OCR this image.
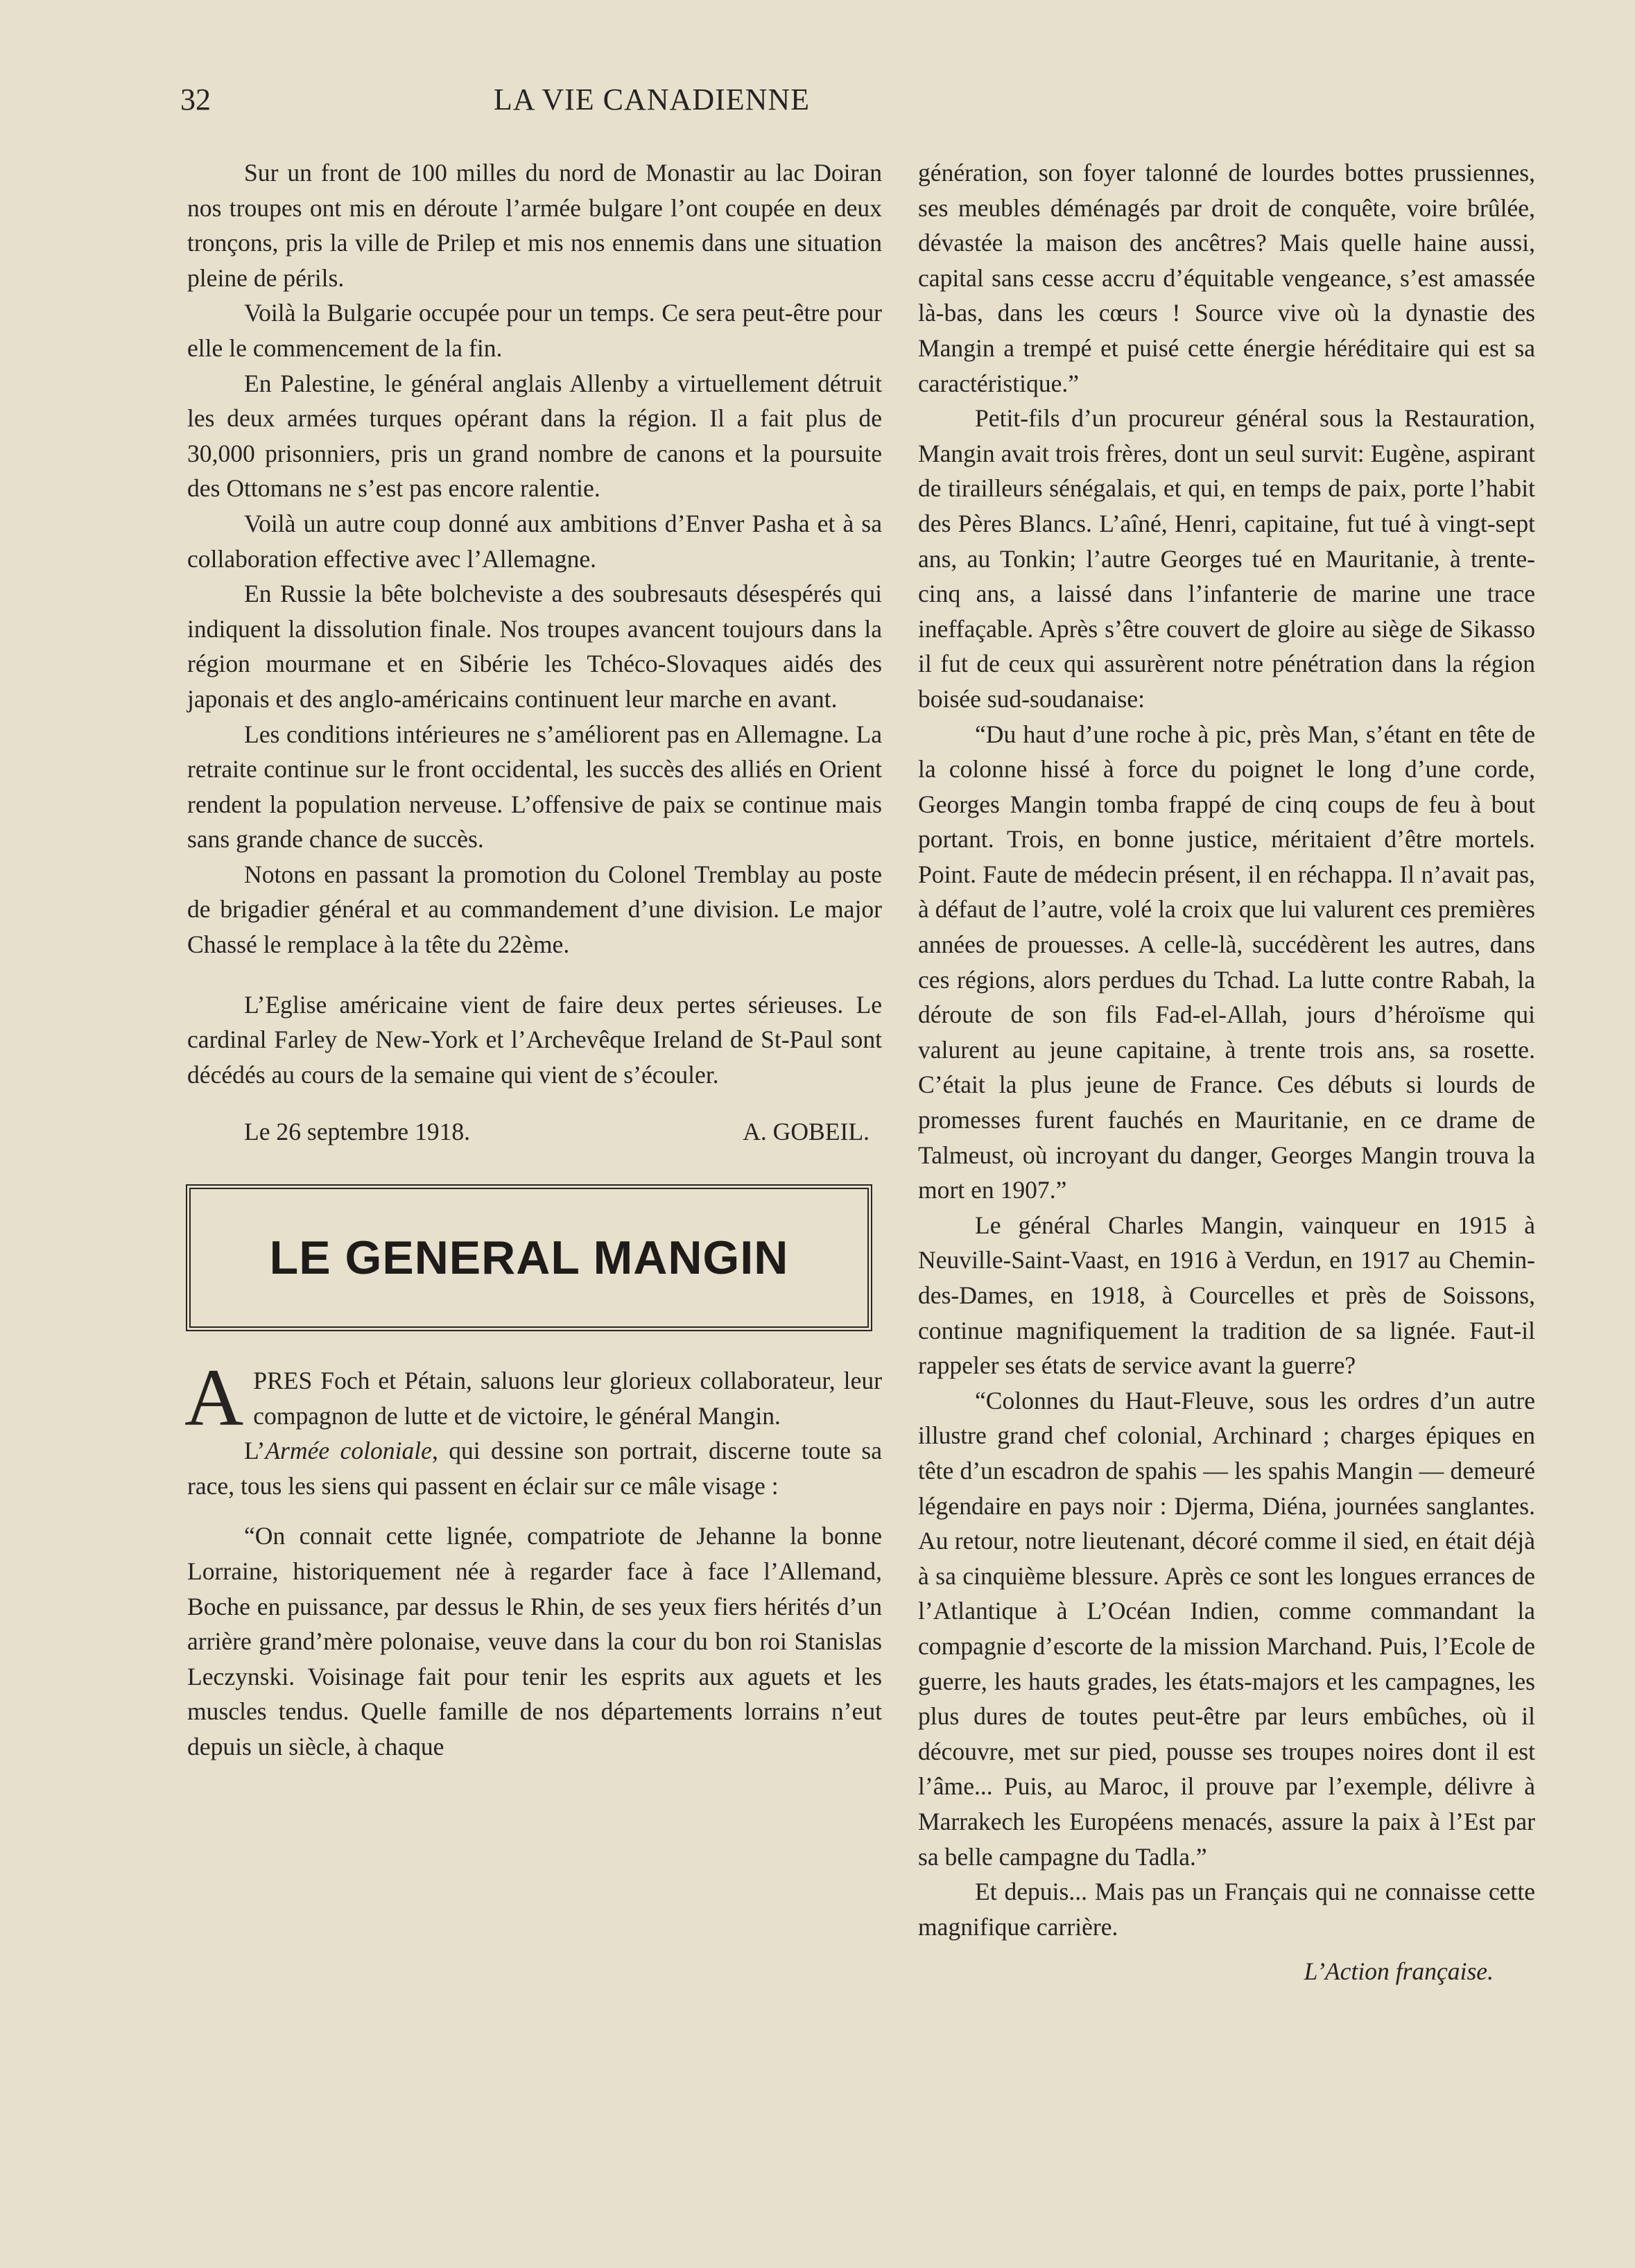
32	LA VIE CANADIENNE

Sur un front de 100 milles du nord de Monastir au lac Doiran nos troupes ont mis en déroute l’armée bulgare l’ont coupée en deux tronçons, pris la ville de Prilep et mis nos ennemis dans une situation pleine de périls.

Voilà la Bulgarie occupée pour un temps. Ce sera peut-être pour elle le commencement de la fin.

En Palestine, le général anglais Allenby a virtuellement détruit les deux armées turques opérant dans la région. Il a fait plus de 30,000 prisonniers, pris un grand nombre de canons et la poursuite des Ottomans ne s’est pas encore ralentie.

Voilà un autre coup donné aux ambitions d’Enver Pasha et à sa collaboration effective avec l’Allemagne.

En Russie la bête bolcheviste a des soubresauts désespérés qui indiquent la dissolution finale. Nos troupes avancent toujours dans la région mourmane et en Sibérie les Tchéco-Slovaques aidés des japonais et des anglo-américains continuent leur marche en avant.

Les conditions intérieures ne s’améliorent pas en Allemagne. La retraite continue sur le front occidental, les succès des alliés en Orient rendent la population nerveuse. L’offensive de paix se continue mais sans grande chance de succès.

Notons en passant la promotion du Colonel Tremblay au poste de brigadier général et au commandement d’une division. Le major Chassé le remplace à la tête du 22ème.

L’Eglise américaine vient de faire deux pertes sérieuses. Le cardinal Farley de New-York et l’Archevêque Ireland de St-Paul sont décédés au cours de la semaine qui vient de s’écouler.

Le 26 septembre 1918.	A. GOBEIL.
LE GENERAL MANGIN

APRES Foch et Pétain, saluons leur glorieux collaborateur, leur compagnon de lutte et de victoire, le général Mangin.

L’Armée coloniale, qui dessine son portrait, discerne toute sa race, tous les siens qui passent en éclair sur ce mâle visage :

“On connait cette lignée, compatriote de Jehanne la bonne Lorraine, historiquement née à regarder face à face l’Allemand, Boche en puissance, par dessus le Rhin, de ses yeux fiers hérités d’un arrière grand’mère polonaise, veuve dans la cour du bon roi Stanislas Leczynski. Voisinage fait pour tenir les esprits aux aguets et les muscles tendus. Quelle famille de nos départements lorrains n’eut depuis un siècle, à chaque

génération, son foyer talonné de lourdes bottes prussiennes, ses meubles déménagés par droit de conquête, voire brûlée, dévastée la maison des ancêtres? Mais quelle haine aussi, capital sans cesse accru d’équitable vengeance, s’est amassée là-bas, dans les cœurs ! Source vive où la dynastie des Mangin a trempé et puisé cette énergie héréditaire qui est sa caractéristique.”

Petit-fils d’un procureur général sous la Restauration, Mangin avait trois frères, dont un seul survit: Eugène, aspirant de tirailleurs sénégalais, et qui, en temps de paix, porte l’habit des Pères Blancs. L’aîné, Henri, capitaine, fut tué à vingt-sept ans, au Tonkin; l’autre Georges tué en Mauritanie, à trente-cinq ans, a laissé dans l’infanterie de marine une trace ineffaçable. Après s’être couvert de gloire au siège de Sikasso il fut de ceux qui assurèrent notre pénétration dans la région boisée sud-soudanaise:

“Du haut d’une roche à pic, près Man, s’étant en tête de la colonne hissé à force du poignet le long d’une corde, Georges Mangin tomba frappé de cinq coups de feu à bout portant. Trois, en bonne justice, méritaient d’être mortels. Point. Faute de médecin présent, il en réchappa. Il n’avait pas, à défaut de l’autre, volé la croix que lui valurent ces premières années de prouesses. A celle-là, succédèrent les autres, dans ces régions, alors perdues du Tchad. La lutte contre Rabah, la déroute de son fils Fad-el-Allah, jours d’héroïsme qui valurent au jeune capitaine, à trente trois ans, sa rosette. C’était la plus jeune de France. Ces débuts si lourds de promesses furent fauchés en Mauritanie, en ce drame de Talmeust, où incroyant du danger, Georges Mangin trouva la mort en 1907.”

Le général Charles Mangin, vainqueur en 1915 à Neuville-Saint-Vaast, en 1916 à Verdun, en 1917 au Chemin-des-Dames, en 1918, à Courcelles et près de Soissons, continue magnifiquement la tradition de sa lignée. Faut-il rappeler ses états de service avant la guerre?

“Colonnes du Haut-Fleuve, sous les ordres d’un autre illustre grand chef colonial, Archinard ; charges épiques en tête d’un escadron de spahis — les spahis Mangin — demeuré légendaire en pays noir : Djerma, Diéna, journées sanglantes. Au retour, notre lieutenant, décoré comme il sied, en était déjà à sa cinquième blessure. Après ce sont les longues errances de l’Atlantique à L’Océan Indien, comme commandant la compagnie d’escorte de la mission Marchand. Puis, l’Ecole de guerre, les hauts grades, les états-majors et les campagnes, les plus dures de toutes peut-être par leurs embûches, où il découvre, met sur pied, pousse ses troupes noires dont il est l’âme... Puis, au Maroc, il prouve par l’exemple, délivre à Marrakech les Européens menacés, assure la paix à l’Est par sa belle campagne du Tadla.”

Et depuis... Mais pas un Français qui ne connaisse cette magnifique carrière.

L’Action française.
